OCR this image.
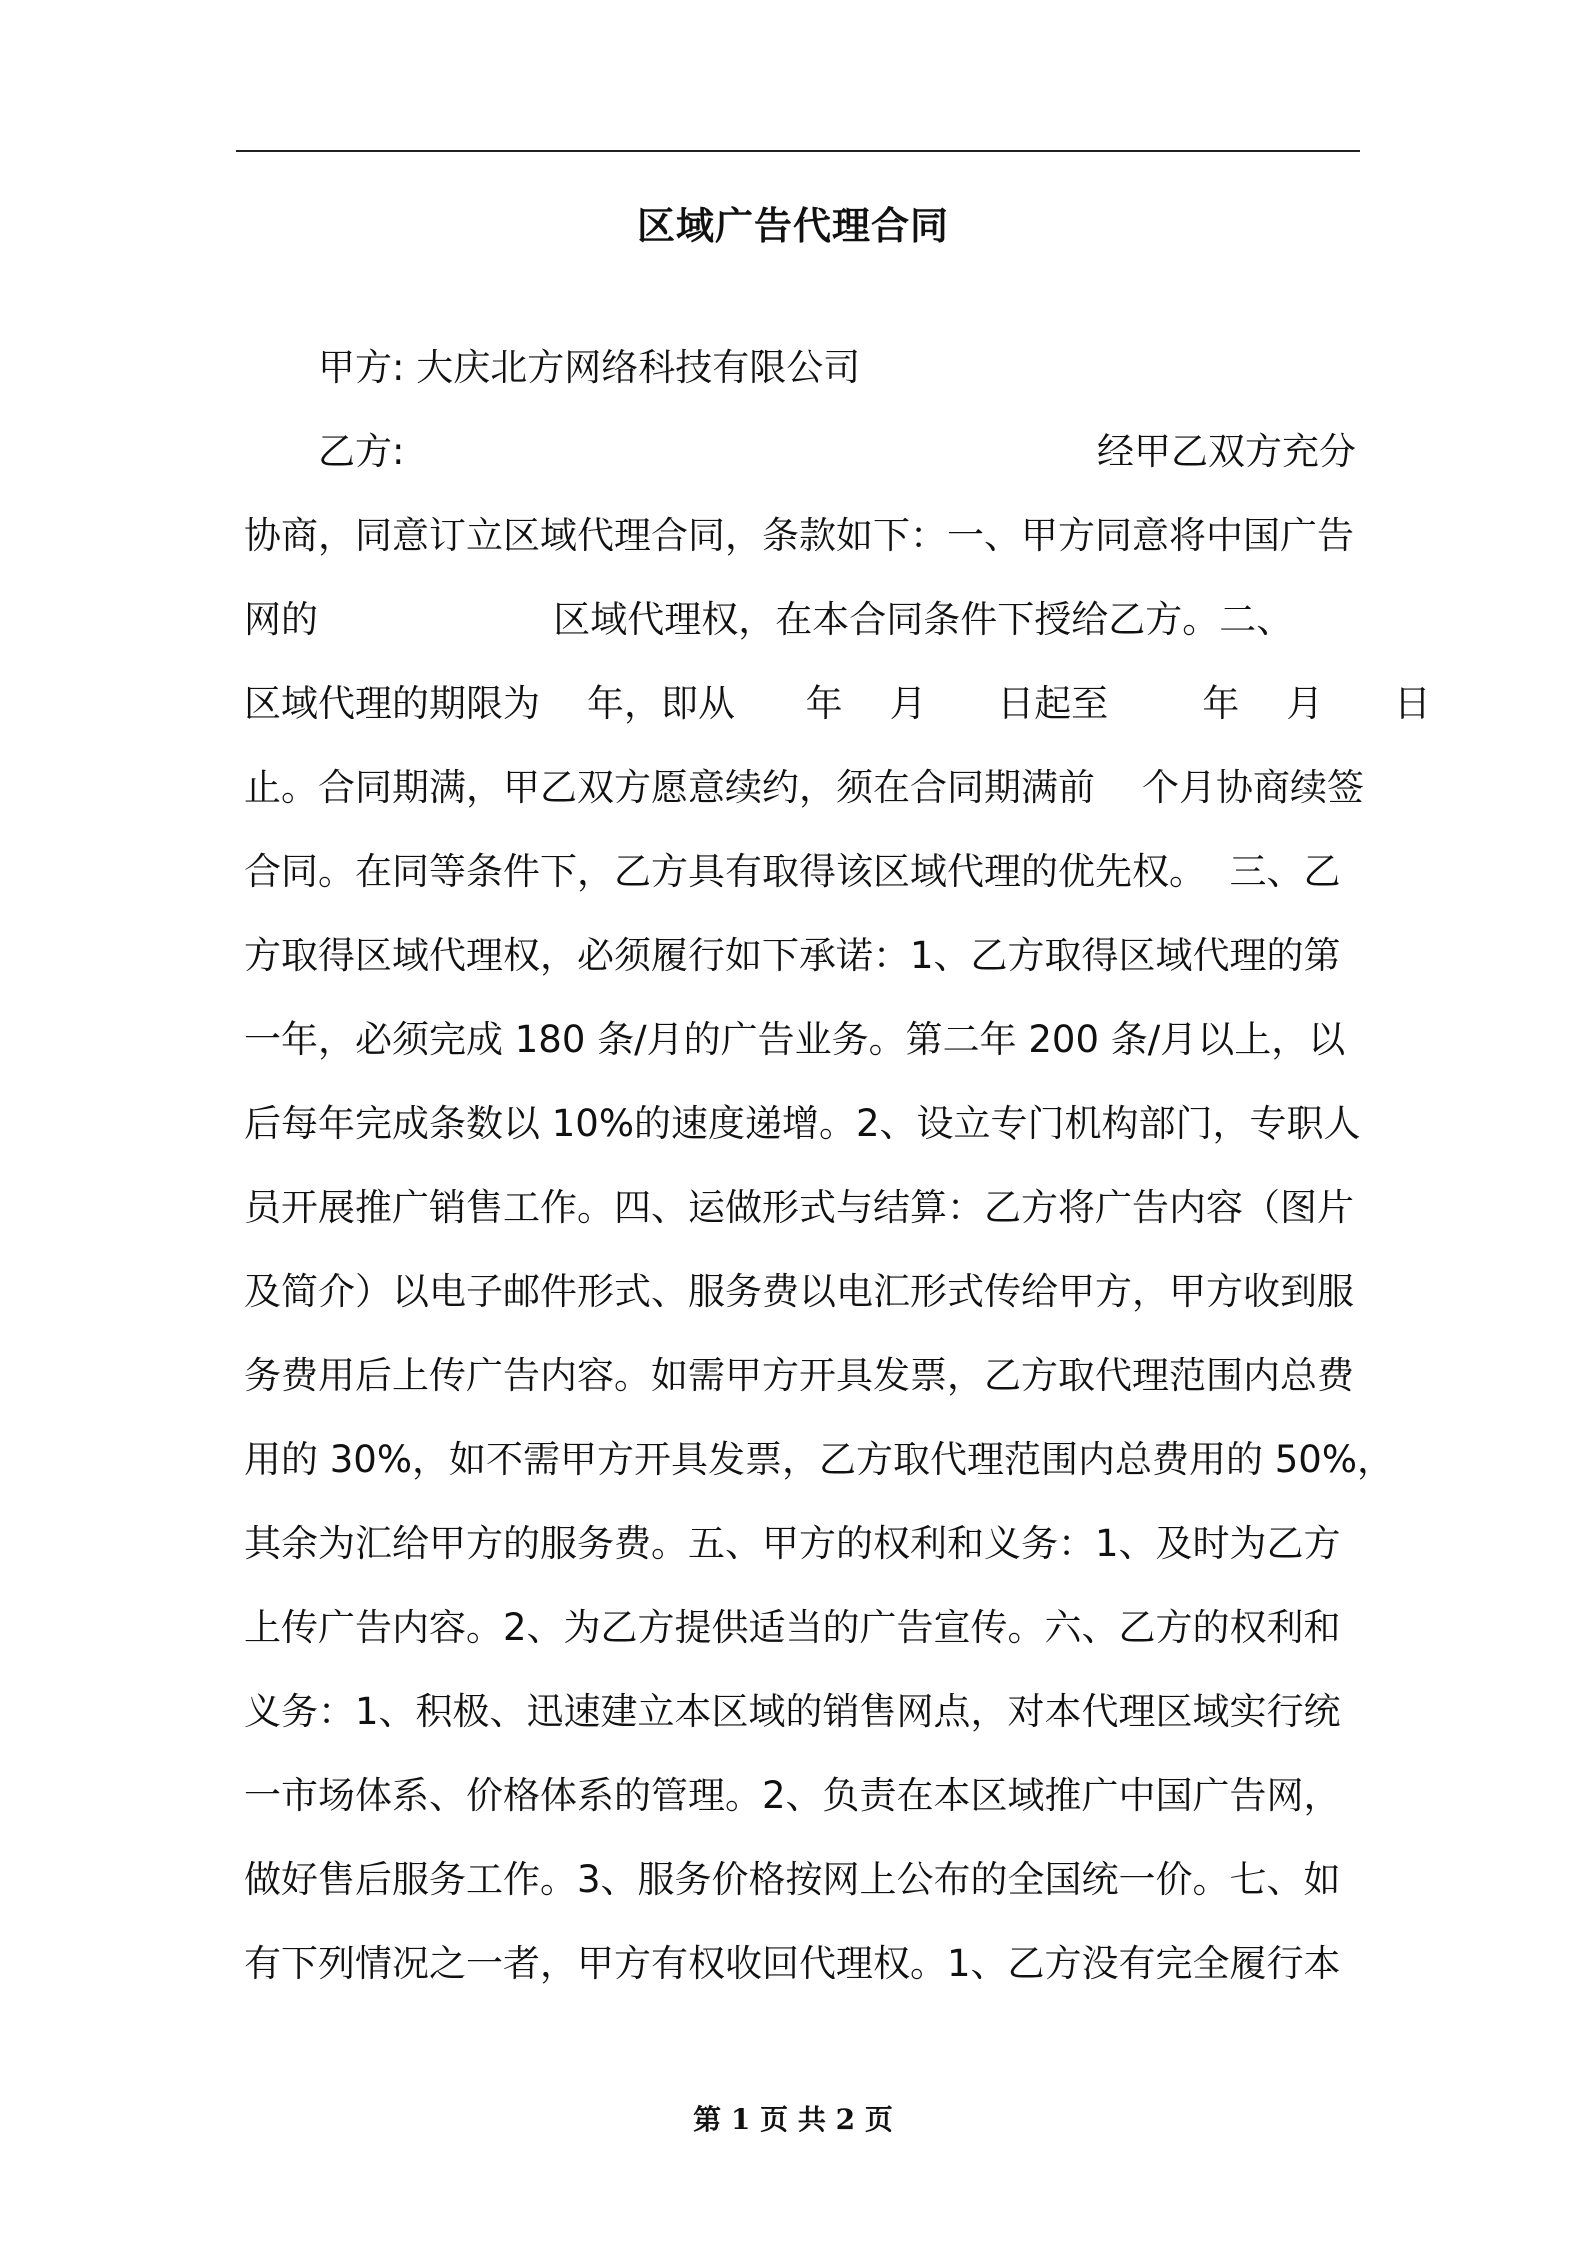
区域广告代理合同
甲方: 大庆北方网络科技有限公司
乙方:	经甲乙双方充分
协商，同意订立区域代理合同，条款如下：一、甲方同意将中国广告
网的                    区域代理权，在本合同条件下授给乙方。二、
区域代理的期限为    年，即从      年    月      日起至        年    月      日
止。合同期满，甲乙双方愿意续约，须在合同期满前    个月协商续签
合同。在同等条件下，乙方具有取得该区域代理的优先权。  三、乙
方取得区域代理权，必须履行如下承诺：1、乙方取得区域代理的第
一年，必须完成 180 条/月的广告业务。第二年 200 条/月以上，以
后每年完成条数以 10%的速度递增。2、设立专门机构部门，专职人
员开展推广销售工作。四、运做形式与结算：乙方将广告内容（图片
及简介）以电子邮件形式、服务费以电汇形式传给甲方，甲方收到服
务费用后上传广告内容。如需甲方开具发票，乙方取代理范围内总费
用的 30%，如不需甲方开具发票，乙方取代理范围内总费用的 50%，
其余为汇给甲方的服务费。五、甲方的权利和义务：1、及时为乙方
上传广告内容。2、为乙方提供适当的广告宣传。六、乙方的权利和
义务：1、积极、迅速建立本区域的销售网点，对本代理区域实行统
一市场体系、价格体系的管理。2、负责在本区域推广中国广告网，
做好售后服务工作。3、服务价格按网上公布的全国统一价。七、如
有下列情况之一者，甲方有权收回代理权。1、乙方没有完全履行本
第 1 页 共 2 页
